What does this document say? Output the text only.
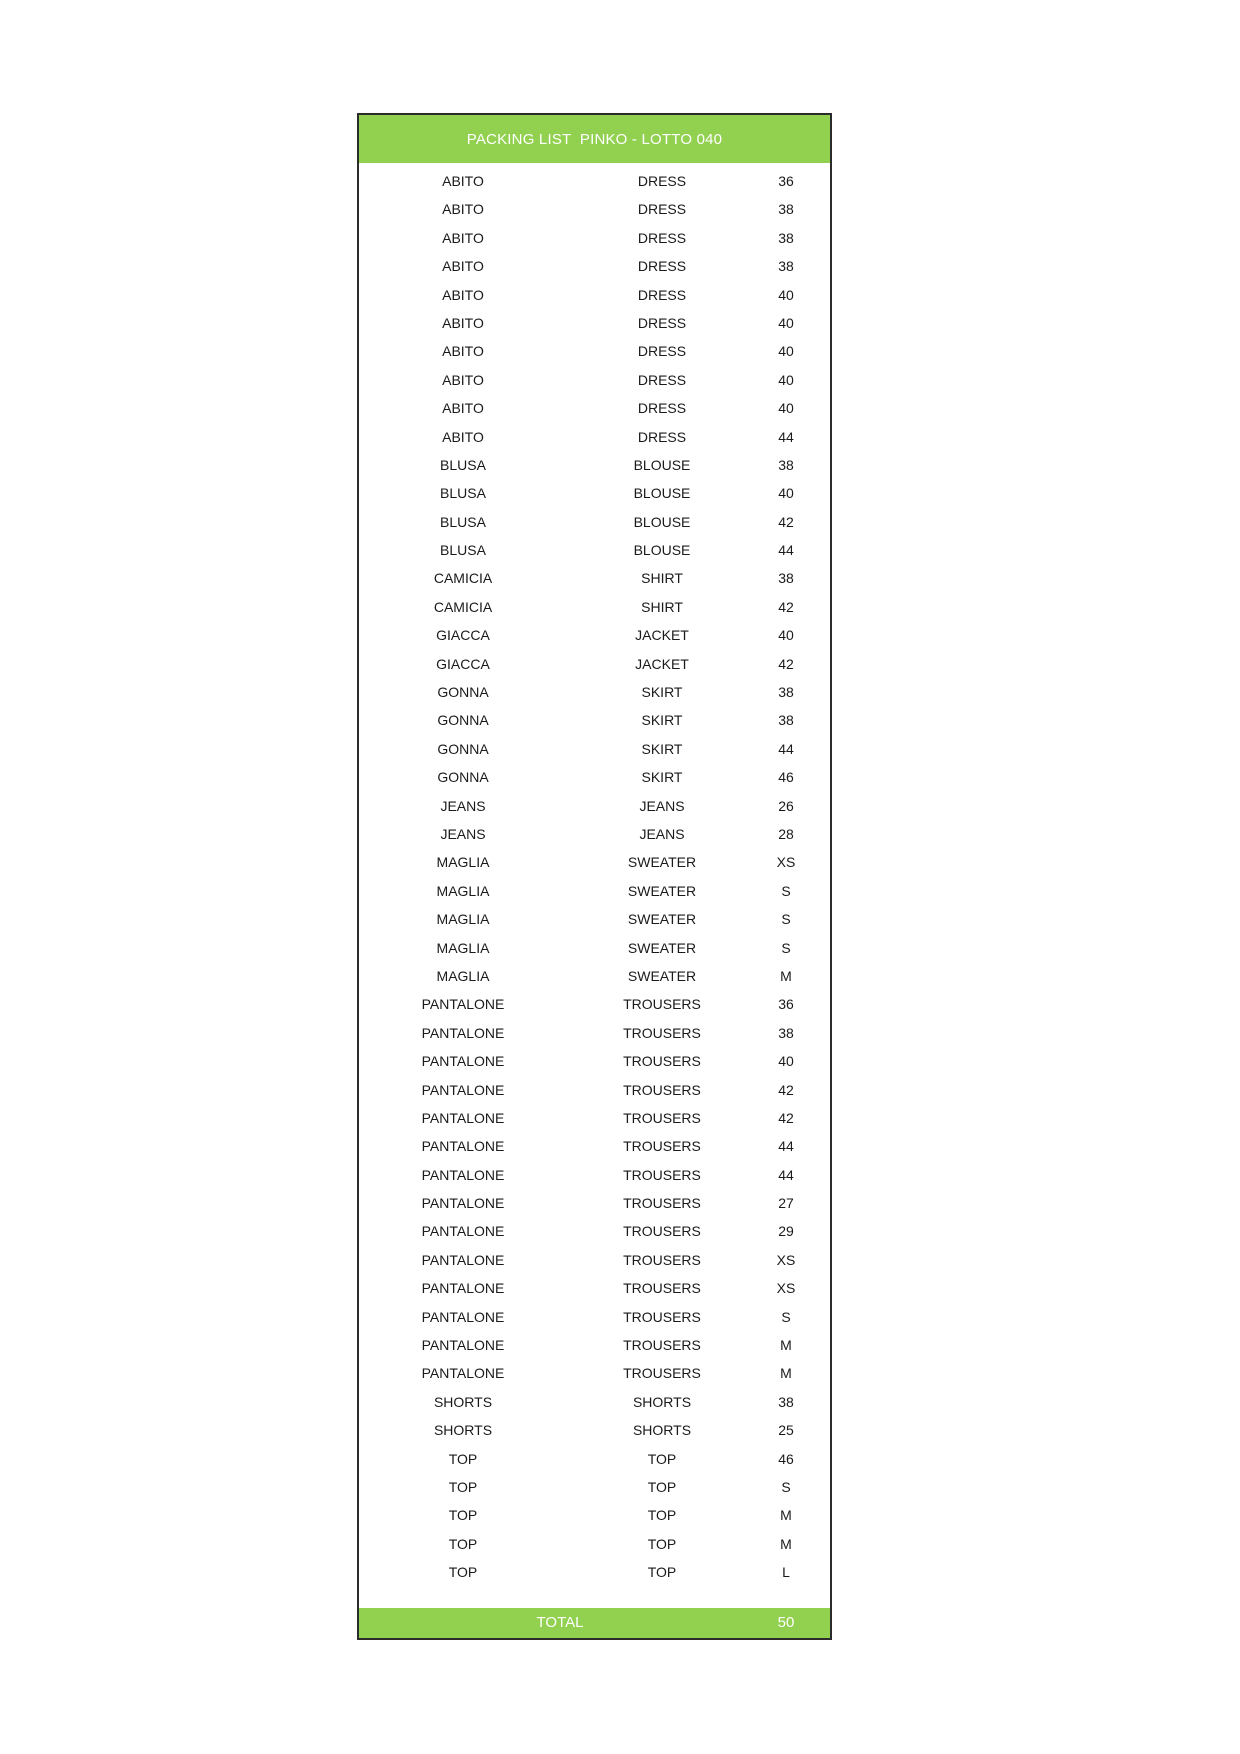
PACKING LIST  PINKO - LOTTO 040
ABITO	DRESS	36
ABITO	DRESS	38
ABITO	DRESS	38
ABITO	DRESS	38
ABITO	DRESS	40
ABITO	DRESS	40
ABITO	DRESS	40
ABITO	DRESS	40
ABITO	DRESS	40
ABITO	DRESS	44
BLUSA	BLOUSE	38
BLUSA	BLOUSE	40
BLUSA	BLOUSE	42
BLUSA	BLOUSE	44
CAMICIA	SHIRT	38
CAMICIA	SHIRT	42
GIACCA	JACKET	40
GIACCA	JACKET	42
GONNA	SKIRT	38
GONNA	SKIRT	38
GONNA	SKIRT	44
GONNA	SKIRT	46
JEANS	JEANS	26
JEANS	JEANS	28
MAGLIA	SWEATER	XS
MAGLIA	SWEATER	S
MAGLIA	SWEATER	S
MAGLIA	SWEATER	S
MAGLIA	SWEATER	M
PANTALONE	TROUSERS	36
PANTALONE	TROUSERS	38
PANTALONE	TROUSERS	40
PANTALONE	TROUSERS	42
PANTALONE	TROUSERS	42
PANTALONE	TROUSERS	44
PANTALONE	TROUSERS	44
PANTALONE	TROUSERS	27
PANTALONE	TROUSERS	29
PANTALONE	TROUSERS	XS
PANTALONE	TROUSERS	XS
PANTALONE	TROUSERS	S
PANTALONE	TROUSERS	M
PANTALONE	TROUSERS	M
SHORTS	SHORTS	38
SHORTS	SHORTS	25
TOP	TOP	46
TOP	TOP	S
TOP	TOP	M
TOP	TOP	M
TOP	TOP	L
TOTAL	50
